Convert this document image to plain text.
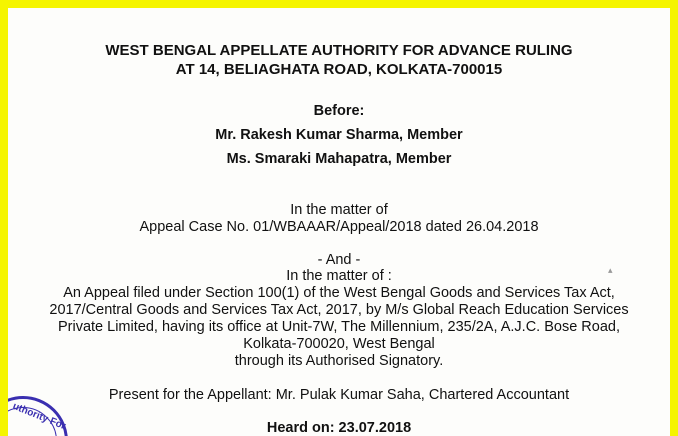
WEST BENGAL APPELLATE AUTHORITY FOR ADVANCE RULING
AT 14, BELIAGHATA ROAD, KOLKATA-700015
Before:
Mr. Rakesh Kumar Sharma, Member
Ms. Smaraki Mahapatra, Member
In the matter of
Appeal Case No. 01/WBAAAR/Appeal/2018 dated 26.04.2018
- And -
In the matter of :
An Appeal filed under Section 100(1) of the West Bengal Goods and Services Tax Act,
2017/Central Goods and Services Tax Act, 2017, by M/s Global Reach Education Services
Private Limited, having its office at Unit-7W, The Millennium, 235/2A, A.J.C. Bose Road,
Kolkata-700020, West Bengal
through its Authorised Signatory.
Present for the Appellant: Mr. Pulak Kumar Saha, Chartered Accountant
Heard on: 23.07.2018
uthority For
▴
